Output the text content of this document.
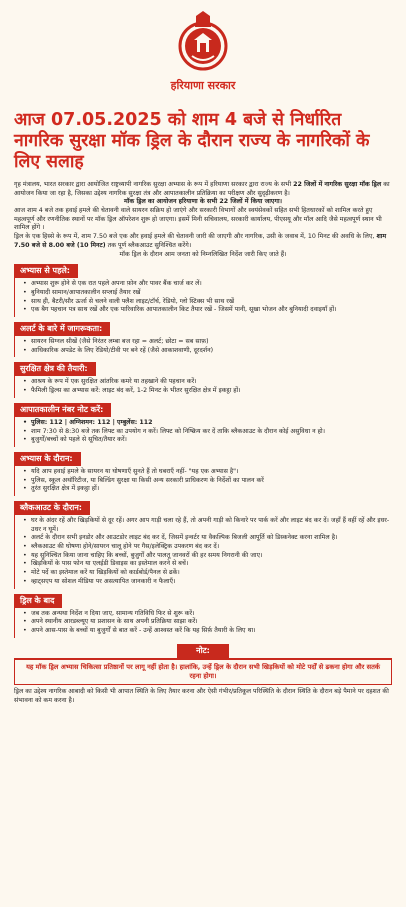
हरियाणा सरकार
आज 07.05.2025 को शाम 4 बजे से निर्धारित नागरिक सुरक्षा मॉक ड्रिल के दौरान राज्य के नागरिकों के लिए सलाह

गृह मंत्रालय, भारत सरकार द्वारा आयोजित राष्ट्रव्यापी नागरिक सुरक्षा अभ्यास के रूप में हरियाणा सरकार द्वारा राज्य के सभी 22 जिलों में नागरिक सुरक्षा मॉक ड्रिल का आयोजन किया जा रहा है, जिसका उद्देश्य नागरिक सुरक्षा तंत्र और आपातकालीन प्रतिक्रिया का परीक्षण और सुदृढ़ीकरण है।

मॉक ड्रिल का आयोजन हरियाणा के सभी 22 जिलों में किया जाएगा।

आज शाम 4 बजे तक हवाई हमले की चेतावनी वाले सायरन सक्रिय हो जाएंगे और सरकारी विभागों और स्वयंसेवकों सहित सभी हितधारकों को शामिल करते हुए महत्वपूर्ण और रणनीतिक स्थानों पर मॉक ड्रिल ऑपरेशन शुरू हो जाएगा। इसमें मिनी सचिवालय, सरकारी कार्यालय, पीएसयू और मॉल आदि जैसे महत्वपूर्ण स्थान भी शामिल होंगे ।

ड्रिल के एक हिस्से के रूप में, शाम 7.50 बजे एक और हवाई हमले की चेतावनी जारी की जाएगी और नागरिक, उसी के जवाब में, 10 मिनट की अवधि के लिए, शाम 7.50 बजे से 8.00 बजे (10 मिनट) तक पूर्ण ब्लैकआउट सुनिश्चित करेंगे।

मॉक ड्रिल के दौरान आम जनता को निम्नलिखित निर्देश जारी किए जाते हैं।

अभ्यास से पहले:
• अभ्यास शुरू होने से एक रात पहले अपना फ़ोन और पावर बैंक चार्ज कर लें।
• बुनियादी सामान/आपातकालीन सप्लाई तैयार रखें
• साथ ही, बैटरी/सौर ऊर्जा से चलने वाली फ्लैश लाइट/टॉर्च, रेडियो, ग्लो स्टिक्स भी साथ रखें
• एक बैग पहचान पत्र साथ रखें और एक पारिवारिक आपातकालीन किट तैयार रखें - जिसमें पानी, सूखा भोजन और बुनियादी दवाइयाँ हों।
अलर्ट के बारे में जागरूकता:
• सायरन सिग्नल सीखें (जैसे निरंतर लम्बा बज रहा = अलर्ट; छोटा = सब साफ़)
• आधिकारिक अपडेट के लिए रेडियो/टीवी पर बने रहें (जैसे आकाशवाणी, दूरदर्शन)
सुरक्षित क्षेत्र की तैयारी:
• आश्रय के रूप में एक सुरक्षित आंतरिक कमरे या तहखाने की पहचान करें।
• फैमिली ड्रिल्स का अभ्यास करें: लाइट बंद करें, 1-2 मिनट के भीतर सुरक्षित क्षेत्र में इकट्ठा हों।
आपातकालीन नंबर नोट करें:
• पुलिस: 112 | अग्निशमन: 112 | एम्बुलेंस: 112
• शाम 7:30 से 8:30 बजे तक लिफ्ट का उपयोग न करें। लिफ्ट को निष्क्रिय कर दें ताकि ब्लैकआउट के दौरान कोई असुविधा न हो।
• बुजुर्गों/बच्चों को पहले से सूचित/तैयार करें।
अभ्यास के दौरान:
• यदि आप हवाई हमले के सायरन या घोषणाएँ सुनते हैं तो घबराएँ नहीं- "यह एक अभ्यास है"।
• पुलिस, स्कूल अथॉरिटीज, या बिल्डिंग सुरक्षा या किसी अन्य सरकारी प्राधिकरण के निर्देशों का पालन करें
• तुरंत सुरक्षित क्षेत्र में इकट्ठा हों।
ब्लैकआउट के दौरान:
• घर के अंदर रहें और खिड़कियों से दूर रहें। अगर आप गाड़ी चला रहे हैं, तो अपनी गाड़ी को किनारे पर पार्क करें और लाइट बंद कर दें। जहाँ हैं वहीं रहें और इधर-उधर न घूमें।
• अलर्ट के दौरान सभी इनडोर और आउटडोर लाइट बंद कर दें, जिसमें इन्वर्टर या वैकल्पिक बिजली आपूर्ति को डिस्कनेक्ट करना शामिल है।
• ब्लैकआउट की घोषणा होने/सायरन चालू होने पर गैस/इलेक्ट्रिक उपकरण बंद कर दें।
• यह सुनिश्चित किया जाना चाहिए कि बच्चों, बुजुर्गों और पालतू जानवरों की हर समय निगरानी की जाए।
• खिड़कियों के पास फोन या एलईडी डिवाइस का इस्तेमाल करने से बचें।
• मोटे पर्दे का इस्तेमाल करें या खिड़कियों को कार्डबोर्ड/पैनल से ढकें।
• व्हाट्सएप या सोशल मीडिया पर असत्यापित जानकारी न फैलाएँ।
ड्रिल के बाद
• जब तक अन्यथा निर्देश न दिया जाए, सामान्य गतिविधि फिर से शुरू करें।
• अपने स्थानीय आरडब्ल्यूए या प्रशासन के साथ अपनी प्रतिक्रिया साझा करें।
• अपने आस-पास के बच्चों या बुजुर्गों से बात करें - उन्हें आश्वस्त करें कि यह सिर्फ़ तैयारी के लिए था।
नोट:
यह मॉक ड्रिल अभ्यास चिकित्सा प्रतिष्ठानों पर लागू नहीं होता है। हालांकि, उन्हें ड्रिल के दौरान सभी खिड़कियों को मोटे पर्दों से ढकना होगा और सतर्क रहना होगा।

ड्रिल का उद्देश्य नागरिक आबादी को किसी भी आपात स्थिति के लिए तैयार करना और ऐसी गंभीर/प्रतिकूल परिस्थिति के दौरान स्थिति के दौरान बड़े पैमाने पर दहशत की संभावना को कम करना है।
